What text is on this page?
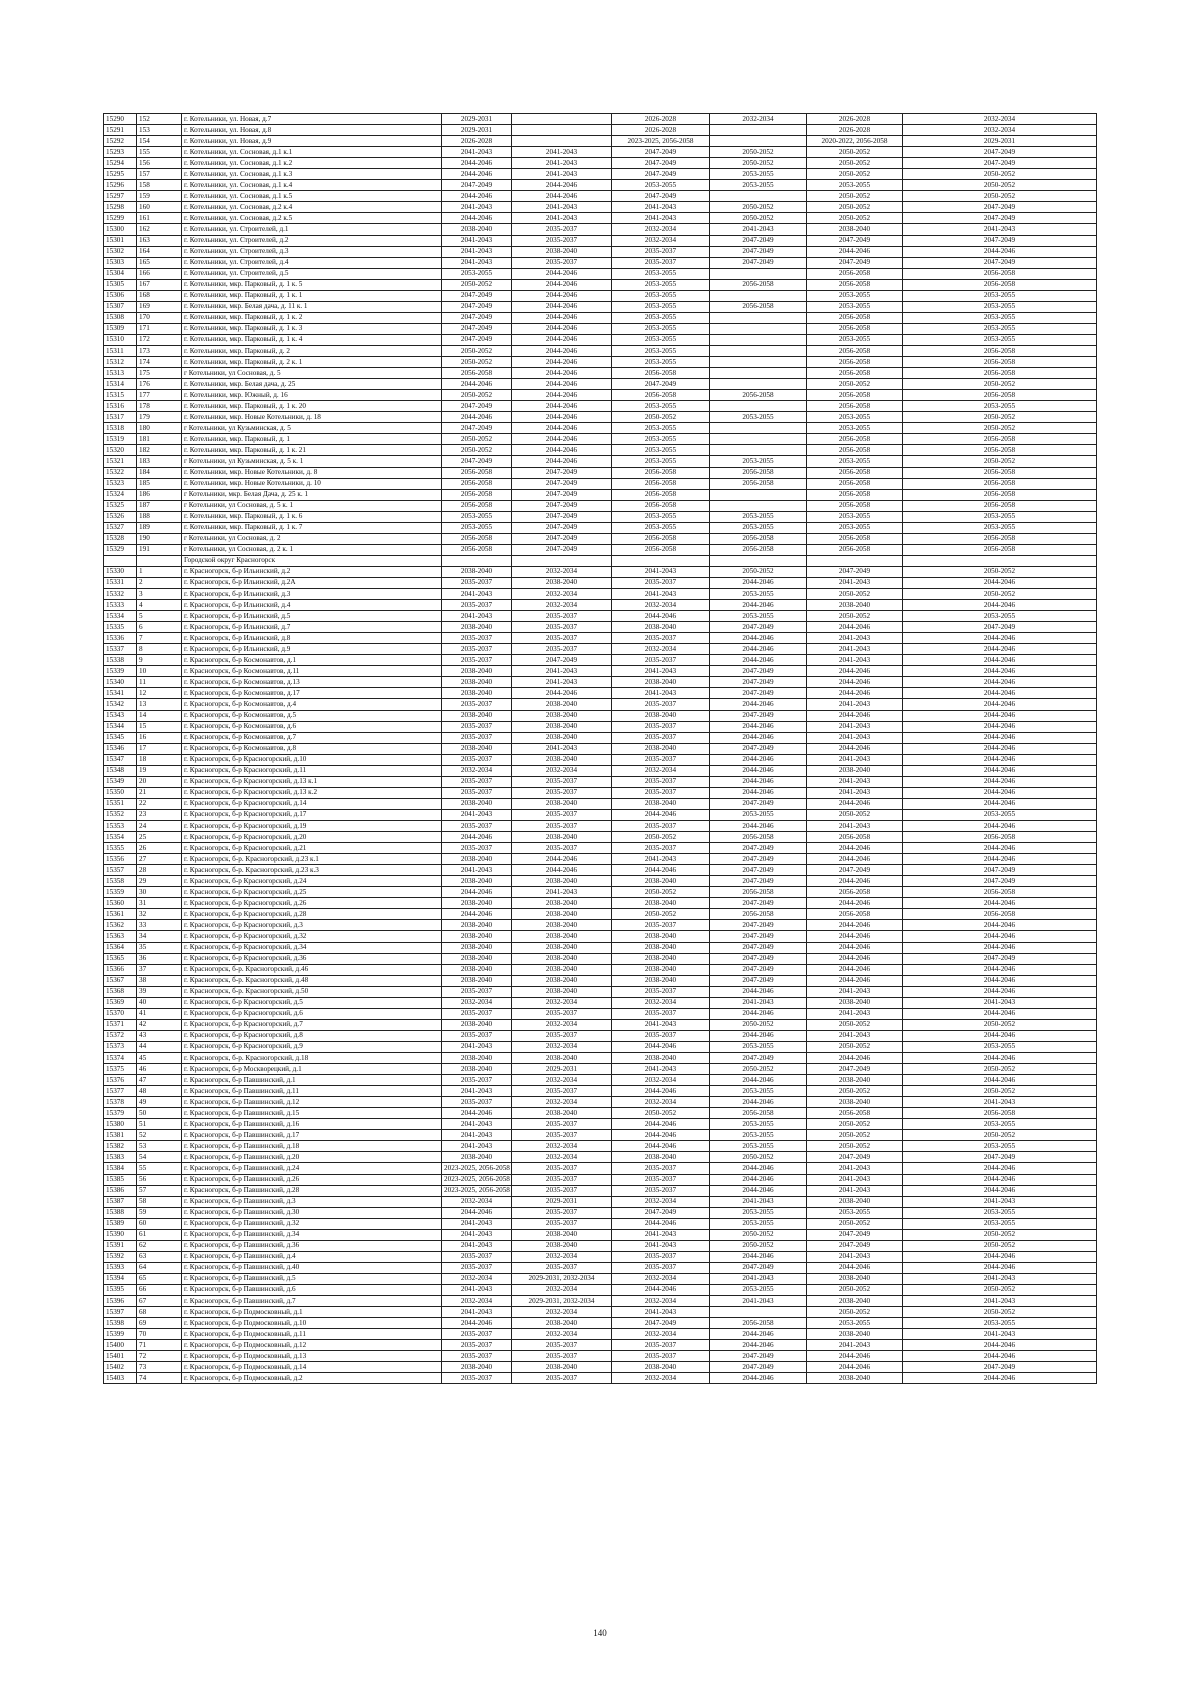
15290	152	г. Котельники, ул. Новая, д.7	2029-2031		2026-2028	2032-2034	2026-2028	2032-2034
15291	153	г. Котельники, ул. Новая, д.8	2029-2031		2026-2028		2026-2028	2032-2034
15292	154	г. Котельники, ул. Новая, д.9	2026-2028		2023-2025, 2056-2058		2020-2022, 2056-2058	2029-2031
15293	155	г. Котельники, ул. Сосновая, д.1 к.1	2041-2043	2041-2043	2047-2049	2050-2052	2050-2052	2047-2049
15294	156	г. Котельники, ул. Сосновая, д.1 к.2	2044-2046	2041-2043	2047-2049	2050-2052	2050-2052	2047-2049
15295	157	г. Котельники, ул. Сосновая, д.1 к.3	2044-2046	2041-2043	2047-2049	2053-2055	2050-2052	2050-2052
15296	158	г. Котельники, ул. Сосновая, д.1 к.4	2047-2049	2044-2046	2053-2055	2053-2055	2053-2055	2050-2052
15297	159	г. Котельники, ул. Сосновая, д.1 к.5	2044-2046	2044-2046	2047-2049		2050-2052	2050-2052
15298	160	г. Котельники, ул. Сосновая, д.2 к.4	2041-2043	2041-2043	2041-2043	2050-2052	2050-2052	2047-2049
15299	161	г. Котельники, ул. Сосновая, д.2 к.5	2044-2046	2041-2043	2041-2043	2050-2052	2050-2052	2047-2049
15300	162	г. Котельники, ул. Строителей, д.1	2038-2040	2035-2037	2032-2034	2041-2043	2038-2040	2041-2043
15301	163	г. Котельники, ул. Строителей, д.2	2041-2043	2035-2037	2032-2034	2047-2049	2047-2049	2047-2049
15302	164	г. Котельники, ул. Строителей, д.3	2041-2043	2038-2040	2035-2037	2047-2049	2044-2046	2044-2046
15303	165	г. Котельники, ул. Строителей, д.4	2041-2043	2035-2037	2035-2037	2047-2049	2047-2049	2047-2049
15304	166	г. Котельники, ул. Строителей, д.5	2053-2055	2044-2046	2053-2055		2056-2058	2056-2058
15305	167	г. Котельники, мкр. Парковый, д. 1 к. 5	2050-2052	2044-2046	2053-2055	2056-2058	2056-2058	2056-2058
15306	168	г. Котельники, мкр. Парковый, д. 1 к. 1	2047-2049	2044-2046	2053-2055		2053-2055	2053-2055
15307	169	г. Котельники, мкр. Белая дача, д. 11 к. 1	2047-2049	2044-2046	2053-2055	2056-2058	2053-2055	2053-2055
15308	170	г. Котельники, мкр. Парковый, д. 1 к. 2	2047-2049	2044-2046	2053-2055		2056-2058	2053-2055
15309	171	г. Котельники, мкр. Парковый, д. 1 к. 3	2047-2049	2044-2046	2053-2055		2056-2058	2053-2055
15310	172	г. Котельники, мкр. Парковый, д. 1 к. 4	2047-2049	2044-2046	2053-2055		2053-2055	2053-2055
15311	173	г. Котельники, мкр. Парковый, д. 2	2050-2052	2044-2046	2053-2055		2056-2058	2056-2058
15312	174	г. Котельники, мкр. Парковый, д. 2 к. 1	2050-2052	2044-2046	2053-2055		2056-2058	2056-2058
15313	175	г Котельники, ул Сосновая, д. 5	2056-2058	2044-2046	2056-2058		2056-2058	2056-2058
15314	176	г. Котельники, мкр. Белая дача, д. 25	2044-2046	2044-2046	2047-2049		2050-2052	2050-2052
15315	177	г. Котельники, мкр. Южный, д. 16	2050-2052	2044-2046	2056-2058	2056-2058	2056-2058	2056-2058
15316	178	г. Котельники, мкр. Парковый, д. 1 к. 20	2047-2049	2044-2046	2053-2055		2056-2058	2053-2055
15317	179	г. Котельники, мкр. Новые Котельники, д. 18	2044-2046	2044-2046	2050-2052	2053-2055	2053-2055	2050-2052
15318	180	г Котельники, ул Кузьминская, д. 5	2047-2049	2044-2046	2053-2055		2053-2055	2050-2052
15319	181	г. Котельники, мкр. Парковый, д. 1	2050-2052	2044-2046	2053-2055		2056-2058	2056-2058
15320	182	г. Котельники, мкр. Парковый, д. 1 к. 21	2050-2052	2044-2046	2053-2055		2056-2058	2056-2058
15321	183	г Котельники, ул Кузьминская, д. 5 к. 1	2047-2049	2044-2046	2053-2055	2053-2055	2053-2055	2050-2052
15322	184	г. Котельники, мкр. Новые Котельники, д. 8	2056-2058	2047-2049	2056-2058	2056-2058	2056-2058	2056-2058
15323	185	г. Котельники, мкр. Новые Котельники, д. 10	2056-2058	2047-2049	2056-2058	2056-2058	2056-2058	2056-2058
15324	186	г Котельники, мкр. Белая Дача, д. 25 к. 1	2056-2058	2047-2049	2056-2058		2056-2058	2056-2058
15325	187	г Котельники, ул Сосновая, д. 5 к. 1	2056-2058	2047-2049	2056-2058		2056-2058	2056-2058
15326	188	г. Котельники, мкр. Парковый, д. 1 к. 6	2053-2055	2047-2049	2053-2055	2053-2055	2053-2055	2053-2055
15327	189	г. Котельники, мкр. Парковый, д. 1 к. 7	2053-2055	2047-2049	2053-2055	2053-2055	2053-2055	2053-2055
15328	190	г Котельники, ул Сосновая, д. 2	2056-2058	2047-2049	2056-2058	2056-2058	2056-2058	2056-2058
15329	191	г Котельники, ул Сосновая, д. 2 к. 1	2056-2058	2047-2049	2056-2058	2056-2058	2056-2058	2056-2058
		Городской округ Красногорск						
15330	1	г. Красногорск, б-р Ильинский, д.2	2038-2040	2032-2034	2041-2043	2050-2052	2047-2049	2050-2052
15331	2	г. Красногорск, б-р Ильинский, д.2А	2035-2037	2038-2040	2035-2037	2044-2046	2041-2043	2044-2046
15332	3	г. Красногорск, б-р Ильинский, д.3	2041-2043	2032-2034	2041-2043	2053-2055	2050-2052	2050-2052
15333	4	г. Красногорск, б-р Ильинский, д.4	2035-2037	2032-2034	2032-2034	2044-2046	2038-2040	2044-2046
15334	5	г. Красногорск, б-р Ильинский, д.5	2041-2043	2035-2037	2044-2046	2053-2055	2050-2052	2053-2055
15335	6	г. Красногорск, б-р Ильинский, д.7	2038-2040	2035-2037	2038-2040	2047-2049	2044-2046	2047-2049
15336	7	г. Красногорск, б-р Ильинский, д.8	2035-2037	2035-2037	2035-2037	2044-2046	2041-2043	2044-2046
15337	8	г. Красногорск, б-р Ильинский, д.9	2035-2037	2035-2037	2032-2034	2044-2046	2041-2043	2044-2046
15338	9	г. Красногорск, б-р Космонавтов, д.1	2035-2037	2047-2049	2035-2037	2044-2046	2041-2043	2044-2046
15339	10	г. Красногорск, б-р Космонавтов, д.11	2038-2040	2041-2043	2041-2043	2047-2049	2044-2046	2044-2046
15340	11	г. Красногорск, б-р Космонавтов, д.13	2038-2040	2041-2043	2038-2040	2047-2049	2044-2046	2044-2046
15341	12	г. Красногорск, б-р Космонавтов, д.17	2038-2040	2044-2046	2041-2043	2047-2049	2044-2046	2044-2046
15342	13	г. Красногорск, б-р Космонавтов, д.4	2035-2037	2038-2040	2035-2037	2044-2046	2041-2043	2044-2046
15343	14	г. Красногорск, б-р Космонавтов, д.5	2038-2040	2038-2040	2038-2040	2047-2049	2044-2046	2044-2046
15344	15	г. Красногорск, б-р Космонавтов, д.6	2035-2037	2038-2040	2035-2037	2044-2046	2041-2043	2044-2046
15345	16	г. Красногорск, б-р Космонавтов, д.7	2035-2037	2038-2040	2035-2037	2044-2046	2041-2043	2044-2046
15346	17	г. Красногорск, б-р Космонавтов, д.8	2038-2040	2041-2043	2038-2040	2047-2049	2044-2046	2044-2046
15347	18	г. Красногорск, б-р Красногорский, д.10	2035-2037	2038-2040	2035-2037	2044-2046	2041-2043	2044-2046
15348	19	г. Красногорск, б-р Красногорский, д.11	2032-2034	2032-2034	2032-2034	2044-2046	2038-2040	2044-2046
15349	20	г. Красногорск, б-р Красногорский, д.13 к.1	2035-2037	2035-2037	2035-2037	2044-2046	2041-2043	2044-2046
15350	21	г. Красногорск, б-р Красногорский, д.13 к.2	2035-2037	2035-2037	2035-2037	2044-2046	2041-2043	2044-2046
15351	22	г. Красногорск, б-р Красногорский, д.14	2038-2040	2038-2040	2038-2040	2047-2049	2044-2046	2044-2046
15352	23	г. Красногорск, б-р Красногорский, д.17	2041-2043	2035-2037	2044-2046	2053-2055	2050-2052	2053-2055
15353	24	г. Красногорск, б-р Красногорский, д.19	2035-2037	2035-2037	2035-2037	2044-2046	2041-2043	2044-2046
15354	25	г. Красногорск, б-р Красногорский, д.20	2044-2046	2038-2040	2050-2052	2056-2058	2056-2058	2056-2058
15355	26	г. Красногорск, б-р Красногорский, д.21	2035-2037	2035-2037	2035-2037	2047-2049	2044-2046	2044-2046
15356	27	г. Красногорск, б-р. Красногорский, д.23 к.1	2038-2040	2044-2046	2041-2043	2047-2049	2044-2046	2044-2046
15357	28	г. Красногорск, б-р. Красногорский, д.23 к.3	2041-2043	2044-2046	2044-2046	2047-2049	2047-2049	2047-2049
15358	29	г. Красногорск, б-р Красногорский, д.24	2038-2040	2038-2040	2038-2040	2047-2049	2044-2046	2047-2049
15359	30	г. Красногорск, б-р Красногорский, д.25	2044-2046	2041-2043	2050-2052	2056-2058	2056-2058	2056-2058
15360	31	г. Красногорск, б-р Красногорский, д.26	2038-2040	2038-2040	2038-2040	2047-2049	2044-2046	2044-2046
15361	32	г. Красногорск, б-р Красногорский, д.28	2044-2046	2038-2040	2050-2052	2056-2058	2056-2058	2056-2058
15362	33	г. Красногорск, б-р Красногорский, д.3	2038-2040	2038-2040	2035-2037	2047-2049	2044-2046	2044-2046
15363	34	г. Красногорск, б-р Красногорский, д.32	2038-2040	2038-2040	2038-2040	2047-2049	2044-2046	2044-2046
15364	35	г. Красногорск, б-р Красногорский, д.34	2038-2040	2038-2040	2038-2040	2047-2049	2044-2046	2044-2046
15365	36	г. Красногорск, б-р Красногорский, д.36	2038-2040	2038-2040	2038-2040	2047-2049	2044-2046	2047-2049
15366	37	г. Красногорск, б-р. Красногорский, д.46	2038-2040	2038-2040	2038-2040	2047-2049	2044-2046	2044-2046
15367	38	г. Красногорск, б-р. Красногорский, д.48	2038-2040	2038-2040	2038-2040	2047-2049	2044-2046	2044-2046
15368	39	г. Красногорск, б-р. Красногорский, д.50	2035-2037	2038-2040	2035-2037	2044-2046	2041-2043	2044-2046
15369	40	г. Красногорск, б-р Красногорский, д.5	2032-2034	2032-2034	2032-2034	2041-2043	2038-2040	2041-2043
15370	41	г. Красногорск, б-р Красногорский, д.6	2035-2037	2035-2037	2035-2037	2044-2046	2041-2043	2044-2046
15371	42	г. Красногорск, б-р Красногорский, д.7	2038-2040	2032-2034	2041-2043	2050-2052	2050-2052	2050-2052
15372	43	г. Красногорск, б-р Красногорский, д.8	2035-2037	2035-2037	2035-2037	2044-2046	2041-2043	2044-2046
15373	44	г. Красногорск, б-р Красногорский, д.9	2041-2043	2032-2034	2044-2046	2053-2055	2050-2052	2053-2055
15374	45	г. Красногорск, б-р. Красногорский, д.18	2038-2040	2038-2040	2038-2040	2047-2049	2044-2046	2044-2046
15375	46	г. Красногорск, б-р Москворецкий, д.1	2038-2040	2029-2031	2041-2043	2050-2052	2047-2049	2050-2052
15376	47	г. Красногорск, б-р Павшинский, д.1	2035-2037	2032-2034	2032-2034	2044-2046	2038-2040	2044-2046
15377	48	г. Красногорск, б-р Павшинский, д.11	2041-2043	2035-2037	2044-2046	2053-2055	2050-2052	2050-2052
15378	49	г. Красногорск, б-р Павшинский, д.12	2035-2037	2032-2034	2032-2034	2044-2046	2038-2040	2041-2043
15379	50	г. Красногорск, б-р Павшинский, д.15	2044-2046	2038-2040	2050-2052	2056-2058	2056-2058	2056-2058
15380	51	г. Красногорск, б-р Павшинский, д.16	2041-2043	2035-2037	2044-2046	2053-2055	2050-2052	2053-2055
15381	52	г. Красногорск, б-р Павшинский, д.17	2041-2043	2035-2037	2044-2046	2053-2055	2050-2052	2050-2052
15382	53	г. Красногорск, б-р Павшинский, д.18	2041-2043	2032-2034	2044-2046	2053-2055	2050-2052	2053-2055
15383	54	г. Красногорск, б-р Павшинский, д.20	2038-2040	2032-2034	2038-2040	2050-2052	2047-2049	2047-2049
15384	55	г. Красногорск, б-р Павшинский, д.24	2023-2025, 2056-2058	2035-2037	2035-2037	2044-2046	2041-2043	2044-2046
15385	56	г. Красногорск, б-р Павшинский, д.26	2023-2025, 2056-2058	2035-2037	2035-2037	2044-2046	2041-2043	2044-2046
15386	57	г. Красногорск, б-р Павшинский, д.28	2023-2025, 2056-2058	2035-2037	2035-2037	2044-2046	2041-2043	2044-2046
15387	58	г. Красногорск, б-р Павшинский, д.3	2032-2034	2029-2031	2032-2034	2041-2043	2038-2040	2041-2043
15388	59	г. Красногорск, б-р Павшинский, д.30	2044-2046	2035-2037	2047-2049	2053-2055	2053-2055	2053-2055
15389	60	г. Красногорск, б-р Павшинский, д.32	2041-2043	2035-2037	2044-2046	2053-2055	2050-2052	2053-2055
15390	61	г. Красногорск, б-р Павшинский, д.34	2041-2043	2038-2040	2041-2043	2050-2052	2047-2049	2050-2052
15391	62	г. Красногорск, б-р Павшинский, д.36	2041-2043	2038-2040	2041-2043	2050-2052	2047-2049	2050-2052
15392	63	г. Красногорск, б-р Павшинский, д.4	2035-2037	2032-2034	2035-2037	2044-2046	2041-2043	2044-2046
15393	64	г. Красногорск, б-р Павшинский, д.40	2035-2037	2035-2037	2035-2037	2047-2049	2044-2046	2044-2046
15394	65	г. Красногорск, б-р Павшинский, д.5	2032-2034	2029-2031, 2032-2034	2032-2034	2041-2043	2038-2040	2041-2043
15395	66	г. Красногорск, б-р Павшинский, д.6	2041-2043	2032-2034	2044-2046	2053-2055	2050-2052	2050-2052
15396	67	г. Красногорск, б-р Павшинский, д.7	2032-2034	2029-2031, 2032-2034	2032-2034	2041-2043	2038-2040	2041-2043
15397	68	г. Красногорск, б-р Подмосковный, д.1	2041-2043	2032-2034	2041-2043		2050-2052	2050-2052
15398	69	г. Красногорск, б-р Подмосковный, д.10	2044-2046	2038-2040	2047-2049	2056-2058	2053-2055	2053-2055
15399	70	г. Красногорск, б-р Подмосковный, д.11	2035-2037	2032-2034	2032-2034	2044-2046	2038-2040	2041-2043
15400	71	г. Красногорск, б-р Подмосковный, д.12	2035-2037	2035-2037	2035-2037	2044-2046	2041-2043	2044-2046
15401	72	г. Красногорск, б-р Подмосковный, д.13	2035-2037	2035-2037	2035-2037	2047-2049	2044-2046	2044-2046
15402	73	г. Красногорск, б-р Подмосковный, д.14	2038-2040	2038-2040	2038-2040	2047-2049	2044-2046	2047-2049
15403	74	г. Красногорск, б-р Подмосковный, д.2	2035-2037	2035-2037	2032-2034	2044-2046	2038-2040	2044-2046
140
